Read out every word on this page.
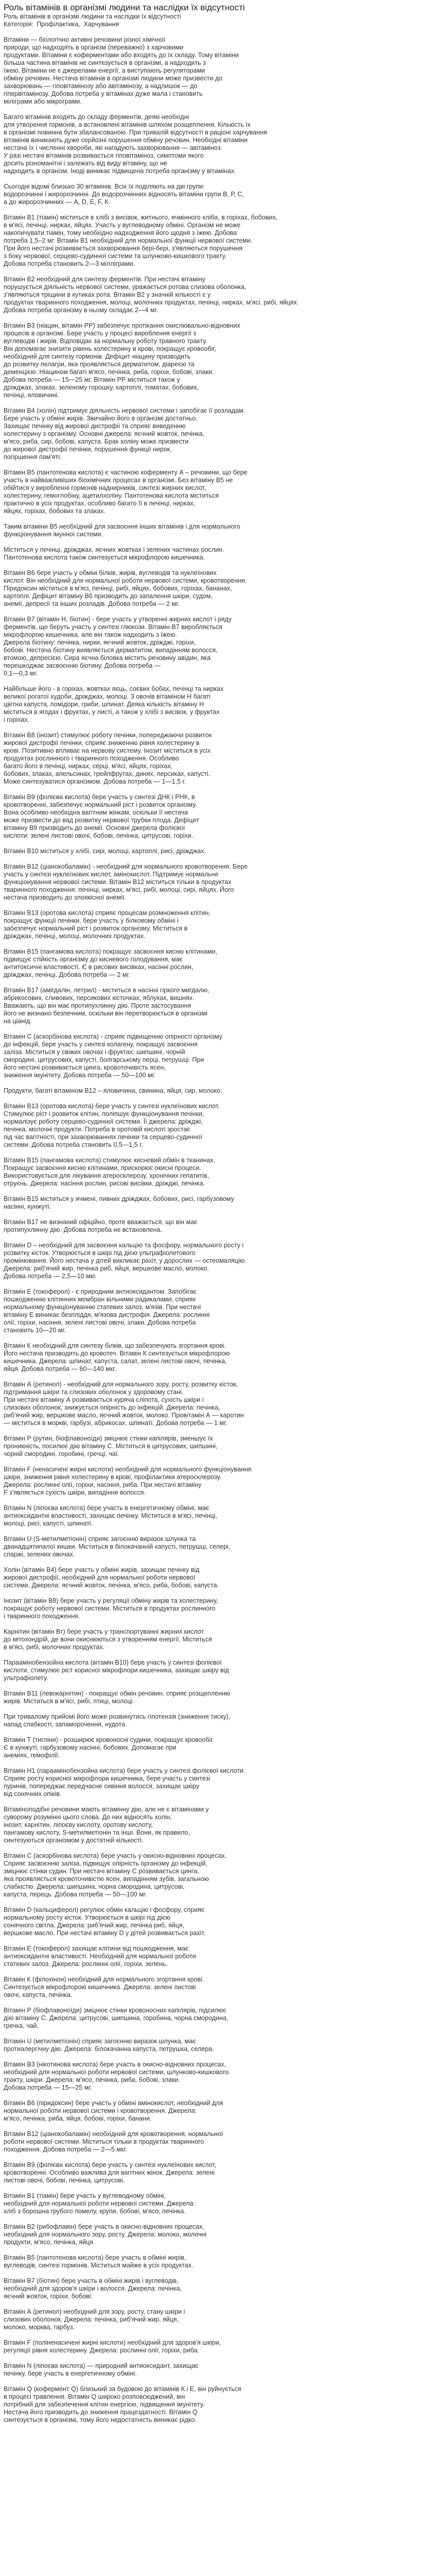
Роль вітамінів в організмі людини та наслідки їх відсутності

Роль вітамінів в організмі людини та наслідки їх відсутності

Категорія: Профілактика, Харчування

Вітаміни — біологічно активні речовини різної хімічної
природи, що надходять в організм (переважно) з харчовими
продуктами. Вітаміни є коферментами або входять до їх складу. Тому вітаміни
більша частина вітамінів не синтезується в організмі, а надходить з
їжею. Вітаміни не є джерелами енергії, а виступають регуляторами
обміну речовин. Нестача вітамінів в організмі людини може призвести до
захворювань — гіповітамінозу або авітамінозу, а надлишок — до
гіпервітамінозу. Добова потреба у вітамінах дуже мала і становить
міліграми або мікрограми.

Багато вітамінів входять до складу ферментів, деякі необхідні
для утворення гормонів, а встановлені вітамінів шляхом розщеплення. Кількість їх
в організмі повинна бути збалансованою. При тривалій відсутності в раціоні харчування
вітамінів виникають дуже серйозні порушення обміну речовин. Необхідні вітаміни
нестача їх і численні хвороби, які нагадують захворювання — авітаміноз.
У разі нестачі вітамінів розвивається гіповітаміноз, симптоми якого
досить різноманітні і залежать від виду вітаміну, що не
надходить в організм. Іноді виникає підвищена потреба організму у вітамінах.

Сьогодні відомі близько 30 вітамінів. Всіх їх поділяють на дві групи:
водорозчинні і жиророзчинні. До водорозчинних відносять вітаміни групи В, Р, С,
а до жиророзчинних — А, D, Е, F, К.

Вітамін В1 (тіамін) міститься в хлібі з висівок, житнього, ячмінного хліба, в горіхах, бобових,
в м'ясі, печінці, нирках, яйцях. Участь у вуглеводному обміні. Організм не може
накопичувати тіамін, тому необхідно надходження його щодня з їжею. Добова
потреба 1,5–2 мг. Вітамін В1 необхідний для нормальної функції нервової системи.
При його нестачі розвивається захворювання бері-бері, з'являються порушення
з боку нервової, серцево-судинної системи та шлунково-кишкового тракту.
Добова потреба становить 2—3 мілліграми.

Вітамін В2 необхідний для синтезу ферментів. При нестачі вітаміну
порушується діяльність нервової системи, уражається ротова слизова оболонка,
з'являються тріщини в кутиках рота. Вітамін В2 у значній кількості є у
продуктах тваринного походження, молоці, молочних продуктах, печінці, нирках, м'ясі, рибі, яйцях.
Добова потреба організму в ньому складає 2—4 мг.

Вітамін В3 (ніацин, вітамін РР) забезпечує протікання окислювально-відновних
процесів в організмі. Бере участь у процесі вироблення енергії з
вуглеводів і жирів. Відповідає за нормальну роботу травного тракту.
Він допомагає знизити рівень холестерину в крові, покращує кровообіг,
необхідний для синтезу гормонів. Дефіцит ніацину призводить
до розвитку пелагри, яка проявляється дерматитом, діареєю та
деменцією. Ніацином багаті м'ясо, печінка, риба, горіхи, бобові, злаки.
Добова потреба — 15—25 мг. Вітамін РР міститься також у
дріжджах, злаках, зеленому горошку, картоплі, томатах, бобових,
печінці, яловичині.

Вітамін В4 (холін) підтримує діяльність нервової системи і запобігає її розладам.
Бере участь у обміні жирів. Звичайно його в організмі достатньо.
Захищає печінку від жирової дистрофії та сприяє виведенню
холестерину з організму. Основні джерела: яєчний жовток, печінка,
м'ясо, риба, сир, бобові, капуста. Брак холіну може призвести
до жирової дистрофії печінки, порушення функції нирок,
погіршення пам'яті.

Вітамін В5 (пантотенова кислота) є частиною коферменту А – речовини, що бере
участь в найважливіших біохімічних процесах в організмі. Без вітаміну В5 не
обійтися у виробленні гормонів наднирників, синтезі жирних кислот,
холестерину, гемоглобіну, ацетилхоліну. Пантотенова кислота міститься
практично в усіх продуктах, особливо багато її в печінці, нирках,
яйцях, горіхах, бобових та злаках.

Таким вітаміни В5 необхідний для засвоєння інших вітамінів і для нормального
функціонування імунної системи.

Міститься у печінці, дріжджах, яєчних жовтках і зелених частинах рослин.
Пантотенова кислота також синтезується мікрофлорою кишечника.

Вітамін В6 бере участь у обміні білків, жирів, вуглеводів та нуклеїнових
кислот. Він необхідний для нормальної роботи нервової системи, кровотворення.
Піридоксин міститься в м'ясі, печінці, рибі, яйцях, бобових, горіхах, бананах,
картоплі. Дефіцит вітаміну В6 призводить до запалення шкіри, судом,
анемії, депресії та інших розладів. Добова потреба — 2 мг.

Вітамін В7 (вітамін Н, біотин) - бере участь у утворенні жирних кислот і ряду
ферментів, що беруть участь у синтезі глюкози. Вітамін В7 виробляється
мікрофлорою кишечника, але він також надходить з їжею.
Джерела біотину: печінка, нирки, яєчний жовток, дріжджі, горіхи,
бобові. Нестача біотину виявляється дерматитом, випадінням волосся,
втомою, депресією. Сира яєчна біловка містить речовину авідин, яка
перешкоджає засвоєнню біотину. Добова потреба —
0,1—0,3 мг.

Найбільше його - в горіхах, жовтках яєць, соєвих бобах, печінці та нирках
великої рогатої худоби, дріжджах, молоці. З овочів вітаміном Н багаті
цвітна капуста, помідори, гриби, шпинат. Деяка кількість вітаміну Н
міститься в ягодах і фруктах, у листі, а також у хлібі з висівок, у фруктах
і горіхах.

Вітамін В8 (інозит) стимулює роботу печінки, попереджаючи розвиток
жирової дистрофії печінки, сприяє зниженню рівня холестерину в
крові. Позитивно впливає на нервову систему. Інозит міститься в усіх
продуктах рослинного і тваринного походження. Особливо
багато його в печінці, нирках, серці, м'ясі, яйцях, горіхах,
бобових, злаках, апельсинах, грейпфрутах, динях, персиках, капусті.
Може синтезуватися організмом. Добова потреба — 1—1,5 г.

Вітамін В9 (фолієва кислота) бере участь у синтезі ДНК і РНК, в
кровотворенні, забезпечує нормальний ріст і розвиток організму.
Вона особливо необхідна вагітним жінкам, оскільки її нестача
може призвести до вад розвитку нервової трубки плода. Дефіцит
вітаміну В9 призводить до анемії. Основні джерела фолієвої
кислоти: зелені листові овочі, бобові, печінка, цитрусові, горіхи.

Вітамін В10 міститься у хлібі, сирі, молоці, картоплі, рисі, дріжджах.

Вітамін В12 (ціанокобаламін) - необхідний для нормального кровотворення. Бере
участь у синтезі нуклеїнових кислот, амінокислот. Підтримує нормальне
функціонування нервової системи. Вітамін В12 міститься тільки в продуктах
тваринного походження: печінці, нирках, м'ясі, рибі, молоці, сирі, яйцях. Його
нестача призводить до злоякісної анемії.

Вітамін В13 (оротова кислота) сприяє процесам розмноження клітин,
покращує функції печінки, бере участь у білковому обміні і
забезпечує нормальний ріст і розвиток організму. Міститься в
дріжджах, печінці, молоці, молочних продуктах.

Вітамін В15 (пангамова кислота) покращує засвоєння кисню клітинами,
підвищує стійкість організму до кисневого голодування, має
антитоксичні властивості. Є в рисових висівках, насінні рослин,
дріжджах, печінці. Добова потреба — 2 мг.

Вітамін В17 (амігдалін, летрил) - міститься в насінні гіркого мигдалю,
абрикосових, сливових, персикових кісточках, яблуках, вишнях.
Вважають, що він має протипухлинну дію. Проте застосування
його не визнано безпечним, оскільки він перетворюється в організмі
на ціанід.

Вітамін С (аскорбінова кислота) - сприяє підвищенню опірності організму
до інфекцій, бере участь у синтезі колагену, покращує засвоєння
заліза. Міститься у свіжих овочах і фруктах: шипшині, чорній
смородині, цитрусових, капусті, болгарському перці, петрушці. При
його нестачі розвивається цинга, кровоточивість ясен,
зниження імунітету. Добова потреба — 50—100 мг.

Продукти, багаті вітаміном В12 – яловичина, свинина, яйця, сир, молоко.

Вітамін В13 (оротова кислота) бере участь у синтезі нуклеїнових кислот.
Стимулює ріст і розвиток клітин, поліпшує функціонування печінки,
нормалізує роботу серцево-судинної системи. Її джерела: дріжджі,
печінка, молочні продукти. Потреба в оротовій кислоті зростає
під час вагітності, при захворюваннях печінки та серцево-судинної
системи. Добова потреба становить 0,5—1,5 г.

Вітамін В15 (пангамова кислота) стимулює кисневий обмін в тканинах.
Покращує засвоєння кисню клітинами, прискорює окисні процеси.
Використовується для лікування атеросклерозу, хронічних гепатитів,
отруєнь. Джерела: насіння рослин, рисові висівки, дріжджі, печінка.

Вітамін В15 міститься у ячмені, пивних дріжджах, бобових, рисі, гарбузовому
насінні, кунжуті.

Вітамін В17 не визнаний офіційно, проте вважається, що він має
протипухлинну дію. Добова потреба не встановлена.

Вітамін D – необхідний для засвоєння кальцію та фосфору, нормального росту і
розвитку кісток. Утворюється в шкірі під дією ультрафіолетового
промінювання. Його нестача у дітей викликає рахіт, у дорослих — остеомаляцію.
Джерела: риб'ячий жир, печінка риб, яйця, вершкове масло, молоко.
Добова потреба — 2,5—10 мкг.

Вітамін Е (токоферол) - є природним антиоксидантом. Запобігає
пошкодженню клітинних мембран вільними радикалами, сприяє
нормальному функціонуванню статевих залоз, м'язів. При нестачі
вітаміну Е виникає безпліддя, м'язова дистрофія. Джерела: рослинні
олії, горіхи, насіння, зелені листові овочі, злаки. Добова потреба
становить 10—20 мг.

Вітамін К необхідний для синтезу білків, що забезпечують згортання крові.
Його нестача призводить до кровотеч. Вітамін К синтезується мікрофлорою
кишечника. Джерела: шпинат, капуста, салат, зелені листові овочі, печінка,
яйця. Добова потреба — 60—140 мкг.

Вітамін А (ретинол) - необхідний для нормального зору, росту, розвитку кісток,
підтримання шкіри та слизових оболонок у здоровому стані.
При нестачі вітаміну А розвивається куряча сліпота, сухість шкіри і
слизових оболонок, знижується опірність до інфекцій. Джерела: печінка,
риб'ячий жир, вершкове масло, яєчний жовток, молоко. Провітамін А — каротин
— міститься в моркві, гарбузі, абрикосах, шпинаті. Добова потреба — 1 мг.

Вітамін Р (рутин, біофлавоноїди) зміцнює стінки капілярів, зменшує їх
проникність, посилює дію вітаміну С. Міститься в цитрусових, шипшині,
чорній смородині, горобині, гречці, чаї.

Вітамін F (ненасичені жирні кислоти) необхідний для нормального функціонування
шкіри, зниження рівня холестерину в крові, профілактики атеросклерозу.
Джерела: рослинні олії, горіхи, насіння, риба. При нестачі вітаміну
F з'являється сухість шкіри, випадіння волосся.

Вітамін N (ліпоєва кислота) бере участь в енергетичному обміні, має
антиоксидантні властивості, захищає печінку. Міститься в м'ясі, печінці,
молоці, рисі, капусті, шпинаті.

Вітамін U (S-метилметіонін) сприяє загоєнню виразок шлунка та
дванадцятипалої кишки. Міститься в білокачанній капусті, петрушці, селері,
спаржі, зелених овочах.

Холін (вітамін В4) бере участь у обміні жирів, захищає печінку від
жирової дистрофії, необхідний для нормальної роботи нервової
системи. Джерела: яєчний жовток, печінка, м'ясо, риба, бобові, капуста.

Інозит (вітамін В8) бере участь у регуляції обміну жирів та холестерину,
покращує роботу нервової системи. Міститься в продуктах рослинного
і тваринного походження.

Карнітин (вітамін Вт) бере участь у транспортуванні жирних кислот
до мітохондрій, де вони окиснюються з утворенням енергії. Міститься
в м'ясі, рибі, молочних продуктах.

Параамінобензойна кислота (вітамін В10) бере участь у синтезі фолієвої
кислоти, стимулює ріст корисної мікрофлори кишечника, захищає шкіру від
ультрафіолету.

Вітамін В11 (левокарнітин) - покращує обмін речовин, сприяє розщепленню
жирів. Міститься в м'ясі, рибі, птиці, молоці.

При тривалому прийомі його може розвинутись гіпотензія (зниження тиску),
напад слабкості, запаморочення, нудота.

Вітамін Т (тигліни) - розширює кровоносні судини, покращує кровообіг.
Є в кунжуті, гарбузовому насінні, бобових. Допомагає при
анеміях, гемофілії.

Вітамін Н1 (параамінобензойна кислота) бере участь у синтезі фолієвої кислоти.
Сприяє росту корисної мікрофлори кишечника, бере участь у синтезі
пуринів, попереджає передчасне сивіння волосся, захищає шкіру
від сонячних опіків.

Вітаміноподібні речовини мають вітамінну дію, але не є вітамінами у
суворому розумінні цього слова. До них відносять холін,
інозит, карнітин, ліпоєву кислоту, оротову кислоту,
пангамову кислоту, S-метилметіонін та інші. Вони, як правило,
синтезуються організмом у достатній кількості.

Вітамін С (аскорбінова кислота) бере участь у окисно-відновних процесах.
Сприяє засвоєнню заліза, підвищує опірність організму до інфекцій,
зміцнює стінки судин. При нестачі вітаміну С розвивається цинга,
яка проявляється кровоточивістю ясен, випадінням зубів, загальною
слабкістю. Джерела: шипшина, чорна смородина, цитрусові,
капуста, перець. Добова потреба — 50—100 мг.

Вітамін D (кальциферол) регулює обмін кальцію і фосфору, сприяє
нормальному росту кісток. Утворюється в шкірі під дією
сонячного світла. Джерела: риб'ячий жир, печінка риб, яйця,
вершкове масло. При нестачі вітаміну D у дітей розвивається рахіт.

Вітамін Е (токоферол) захищає клітини від пошкодження, має
антиоксидантні властивості. Необхідний для нормальної роботи
статевих залоз. Джерела: рослинні олії, горіхи, зелень.

Вітамін К (філохінон) необхідний для нормального згортання крові.
Синтезується мікрофлорою кишечника. Джерела: зелені листові
овочі, капуста, печінка.

Вітамін Р (біофлавоноїди) зміцнює стінки кровоносних капілярів, підсилює
дію вітаміну С. Джерела: цитрусові, шипшина, горобина, чорна смородина,
гречка, чай.

Вітамін U (метилметіонін) сприяє загоєнню виразок шлунка, має
протиалергічну дію. Джерела: білокачанна капуста, петрушка, селера.

Вітамін В3 (нікотинова кислота) бере участь в окисно-відновних процесах,
необхідний для нормальної роботи нервової системи, шлунково-кишкового
тракту, шкіри. Джерела: м'ясо, печінка, риба, бобові, злаки.
Добова потреба — 15—25 мг.

Вітамін В6 (піридоксин) бере участь у обміні амінокислот, необхідний для
нормальної роботи нервової системи і кровотворення. Джерела:
м'ясо, печінка, риба, яйця, бобові, горіхи, банани.

Вітамін В12 (ціанокобаламін) необхідний для кровотворення, нормальної
роботи нервової системи. Міститься тільки в продуктах тваринного
походження. Добова потреба — 2—5 мкг.

Вітамін В9 (фолієва кислота) бере участь у синтезі нуклеїнових кислот,
кровотворенні. Особливо важлива для вагітних жінок. Джерела: зелені
листові овочі, бобові, печінка, цитрусові.

Вітамін В1 (тіамін) бере участь у вуглеводному обміні,
необхідний для нормальної роботи нервової системи. Джерела:
хліб з борошна грубого помелу, крупи, бобові, м'ясо, печінка.

Вітамін В2 (рибофлавін) бере участь в окисно-відновних процесах,
необхідний для нормального зору, росту. Джерела: молоко, молочні
продукти, м'ясо, печінка, яйця.

Вітамін В5 (пантотенова кислота) бере участь в обміні жирів,
вуглеводів, синтезі гормонів. Міститься майже в усіх продуктах.

Вітамін В7 (біотин) бере участь в обміні жирів і вуглеводів,
необхідний для здоров'я шкіри і волосся. Джерела: печінка,
яєчний жовток, горіхи, бобові.

Вітамін А (ретинол) необхідний для зору, росту, стану шкіри і
слизових оболонок. Джерела: печінка, риб'ячий жир, яйця,
молоко, морква, гарбуз.

Вітамін F (поліненасичені жирні кислоти) необхідний для здоров'я шкіри,
регуляції рівня холестерину. Джерела: рослинні олії, горіхи, риба.

Вітамін N (ліпоєва кислота) — природний антиоксидант, захищає
печінку, бере участь в енергетичному обміні.

Вітамін Q (кофермент Q) близький за будовою до вітамінів К і Е, він руйнується
в процесі травлення. Вітамін Q широко розповсюджений, він
потрібний для забезпечення клітин енергією, підвищення імунітету.
Нестача його призводить до зниження працездатності. Вітамін Q
синтезується в організмі, тому його недостатність виникає рідко.
